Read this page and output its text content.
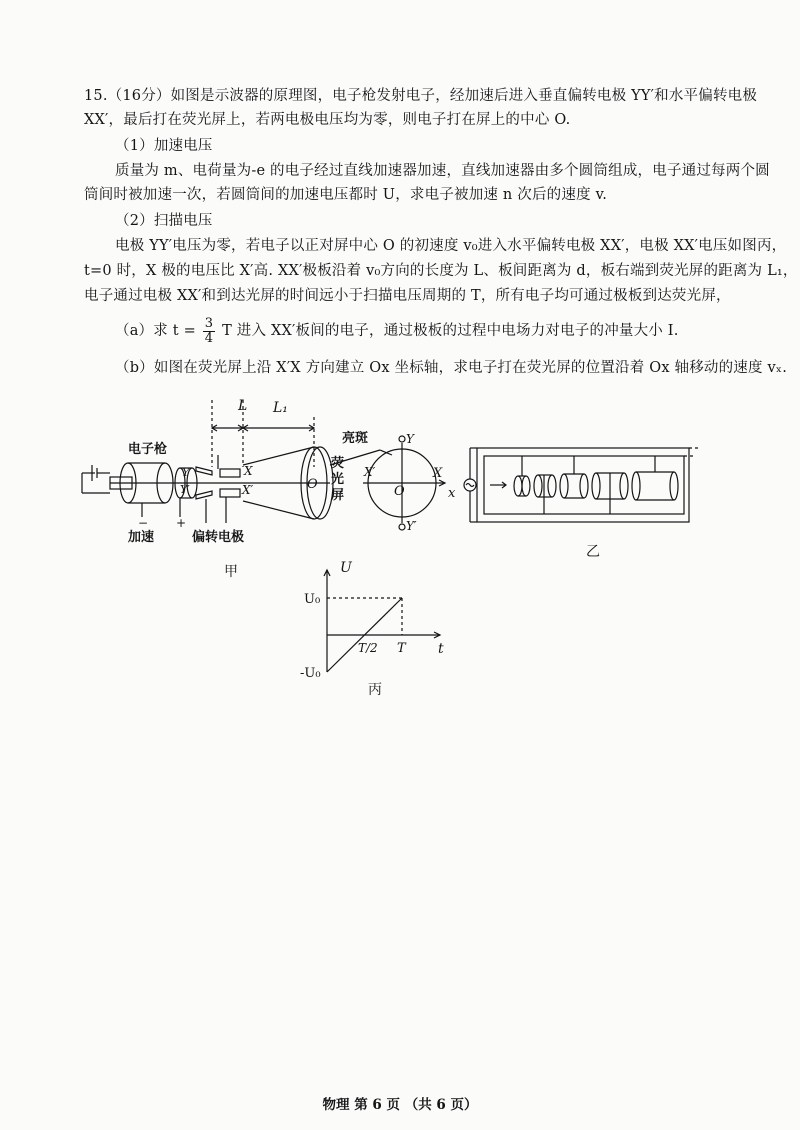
15.（16分）如图是示波器的原理图，电子枪发射电子，经加速后进入垂直偏转电极 YY′和水平偏转电极
XX′，最后打在荧光屏上，若两电极电压均为零，则电子打在屏上的中心 O.
（1）加速电压
质量为 m、电荷量为-e 的电子经过直线加速器加速，直线加速器由多个圆筒组成，电子通过每两个圆
筒间时被加速一次，若圆筒间的加速电压都时 U，求电子被加速 n 次后的速度 v.
（2）扫描电压
电极 YY′电压为零，若电子以正对屏中心 O 的初速度 v₀进入水平偏转电极 XX′，电极 XX′电压如图丙，
t=0 时，X 极的电压比 X′高. XX′极板沿着 v₀方向的长度为 L、板间距离为 d，板右端到荧光屏的距离为 L₁，
电子通过电极 XX′和到达光屏的时间远小于扫描电压周期的 T，所有电子均可通过极板到达荧光屏，
（a）求 $t = \frac{3}{4}$ T 进入 XX′板间的电子，通过极板的过程中电场力对电子的冲量大小 I.
（b）如图在荧光屏上沿 X′X 方向建立 Ox 坐标轴，求电子打在荧光屏的位置沿着 Ox 轴移动的速度 vₓ.
L L₁
电子枪
亮斑
荧
光
屏
加速	偏转电极
− +
Y
Y′
X
X′	O
Y
Y′
X
X′
O	x
甲
乙
U
t
U₀
-U₀
T/2 T
丙
物理 第 6 页 （共 6 页）
